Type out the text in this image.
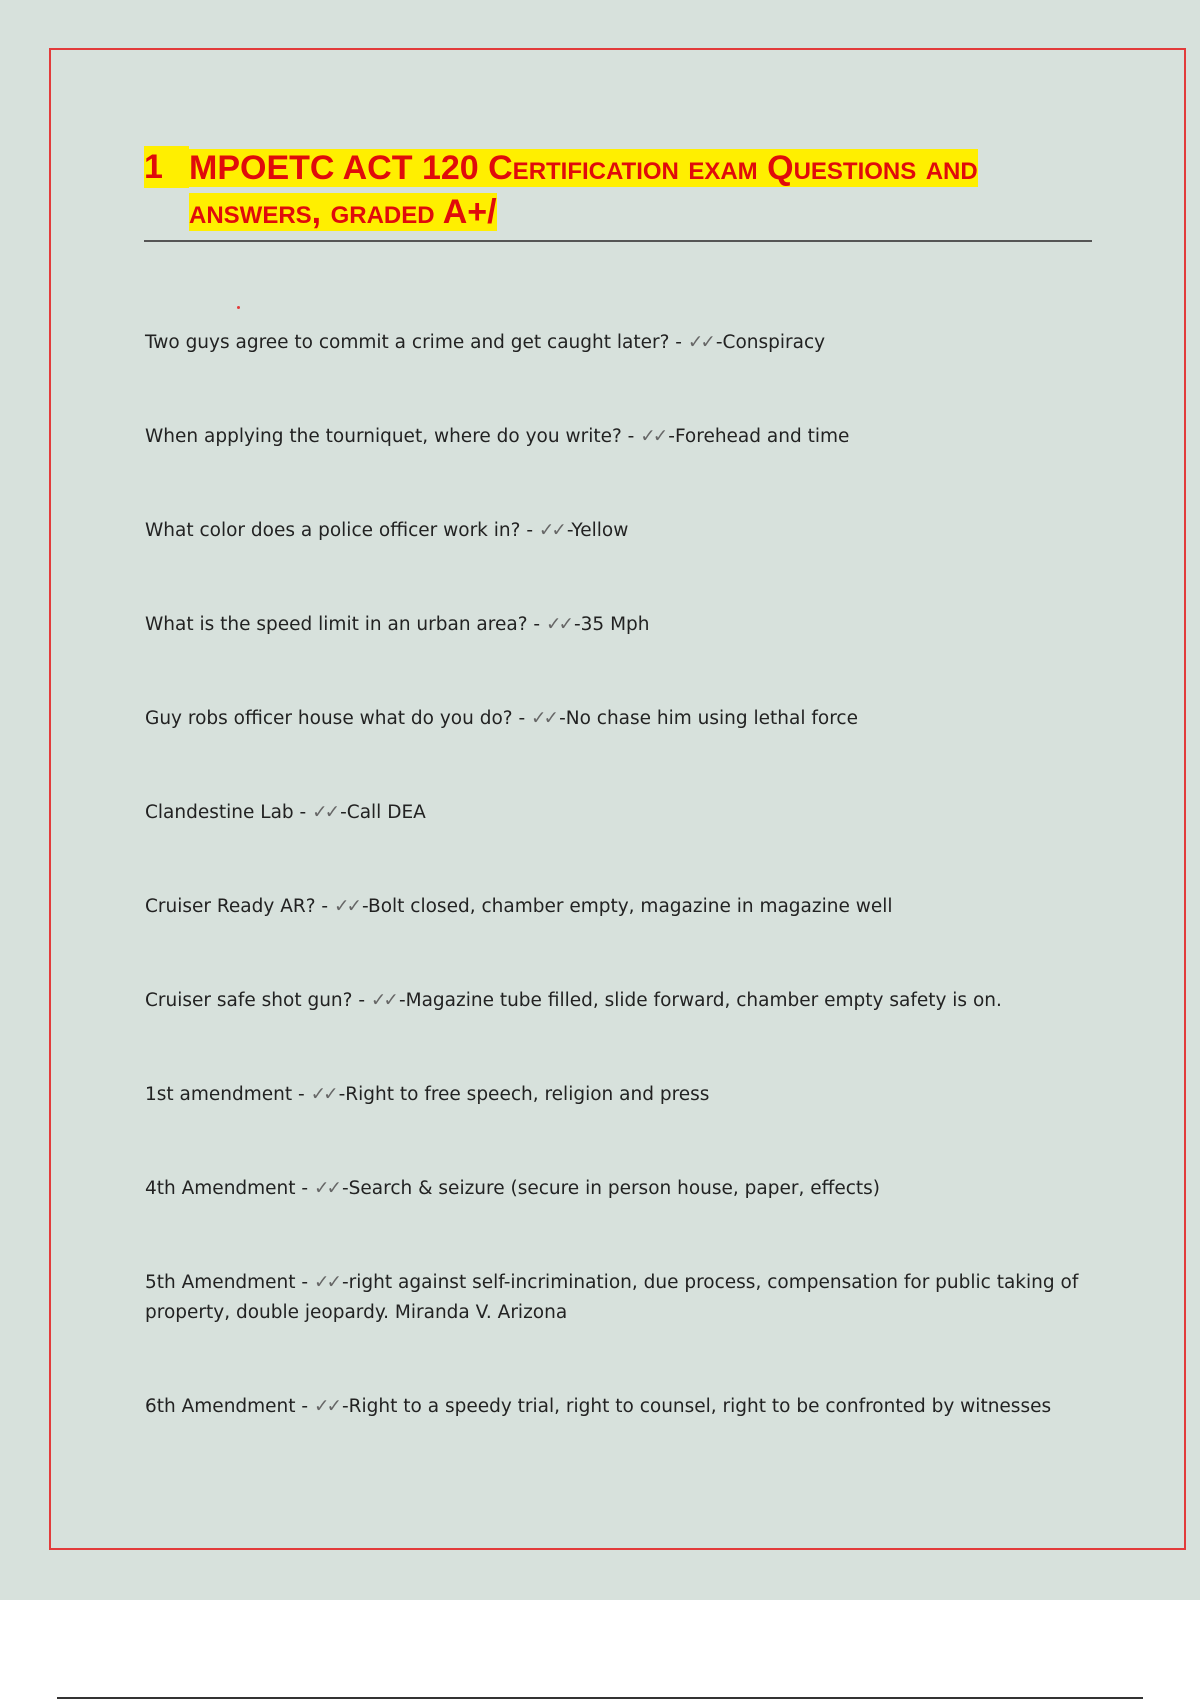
1 MPOETC ACT 120 Certification exam Questions and answers, graded A+/

Two guys agree to commit a crime and get caught later? - ✓✓ -Conspiracy

When applying the tourniquet, where do you write? - ✓✓ -Forehead and time

What color does a police officer work in? - ✓✓ -Yellow

What is the speed limit in an urban area? - ✓✓ -35 Mph

Guy robs officer house what do you do? - ✓✓ -No chase him using lethal force

Clandestine Lab - ✓✓ -Call DEA

Cruiser Ready AR? - ✓✓ -Bolt closed, chamber empty, magazine in magazine well

Cruiser safe shot gun? - ✓✓ -Magazine tube filled, slide forward, chamber empty safety is on.

1st amendment - ✓✓ -Right to free speech, religion and press

4th Amendment - ✓✓ -Search & seizure (secure in person house, paper, effects)

5th Amendment - ✓✓ -right against self-incrimination, due process, compensation for public taking of property, double jeopardy. Miranda V. Arizona

6th Amendment - ✓✓ -Right to a speedy trial, right to counsel, right to be confronted by witnesses
